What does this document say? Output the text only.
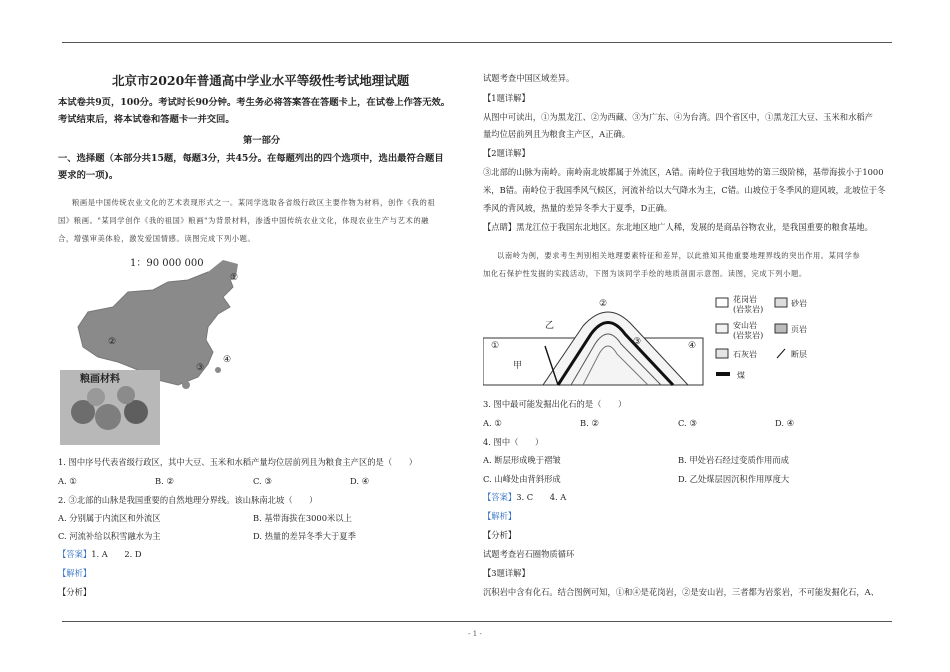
北京市2020年普通高中学业水平等级性考试地理试题
本试卷共9页，100分。考试时长90分钟。考生务必将答案答在答题卡上，在试卷上作答无效。
考试结束后，将本试卷和答题卡一并交回。
第一部分
一、选择题（本部分共15题，每题3分，共45分。在每题列出的四个选项中，选出最符合题目
要求的一项)。
粮画是中国传统农业文化的艺术表现形式之一。某同学选取各省级行政区主要作物为材料，创作《我的祖
国》粮画。"某同学创作《我的祖国》粮画"为背景材料，渗透中国传统农业文化，体现农业生产与艺术的融
合，增强审美体验，激发爱国情感。读图完成下列小题。
1：90 000 000
①
②
③
④
粮画材料
1. 图中序号代表省级行政区，其中大豆、玉米和水稻产量均位居前列且为粮食主产区的是（　　）
A. ①	B. ②	C. ③	D. ④
2. ③北部的山脉是我国重要的自然地理分界线。该山脉南北坡（　　）
A. 分别属于内流区和外流区	B. 基带海拔在3000米以上
C. 河流补给以积雪融水为主	D. 热量的差异冬季大于夏季
【答案】1. A　　2. D
【解析】
【分析】
试题考查中国区域差异。
【1题详解】
从图中可读出，①为黑龙江、②为西藏、③为广东、④为台湾。四个省区中，①黑龙江大豆、玉米和水稻产
量均位居前列且为粮食主产区，A正确。
【2题详解】
③北部的山脉为南岭。南岭南北坡都属于外流区，A错。南岭位于我国地势的第三级阶梯，基带海拔小于1000
米，B错。南岭位于我国季风气候区，河流补给以大气降水为主，C错。山坡位于冬季风的迎风坡，北坡位于冬
季风的背风坡，热量的差异冬季大于夏季，D正确。
【点睛】黑龙江位于我国东北地区。东北地区地广人稀，发展的是商品谷物农业，是我国重要的粮食基地。
以南岭为例，要求考生判别相关地理要素特征和差异，以此推知其他重要地理界线的突出作用。某同学参
加化石保护性发掘的实践活动，下图为该同学手绘的地质剖面示意图。读图，完成下列小题。
②
①	④
③
乙
甲
花岗岩
(岩浆岩)
砂岩
安山岩
(岩浆岩)
页岩
石灰岩	断层
煤
3. 图中最可能发掘出化石的是（　　）
A. ①	B. ②	C. ③	D. ④
4. 图中（　　）
A. 断层形成晚于褶皱	B. 甲处岩石经过变质作用而成
C. 山峰处由背斜形成	D. 乙处煤层因沉积作用厚度大
【答案】3. C　　4. A
【解析】
【分析】
试题考查岩石圈物质循环
【3题详解】
沉积岩中含有化石。结合图例可知，①和④是花岗岩，②是安山岩，三者都为岩浆岩，不可能发掘化石，A、
- 1 -
